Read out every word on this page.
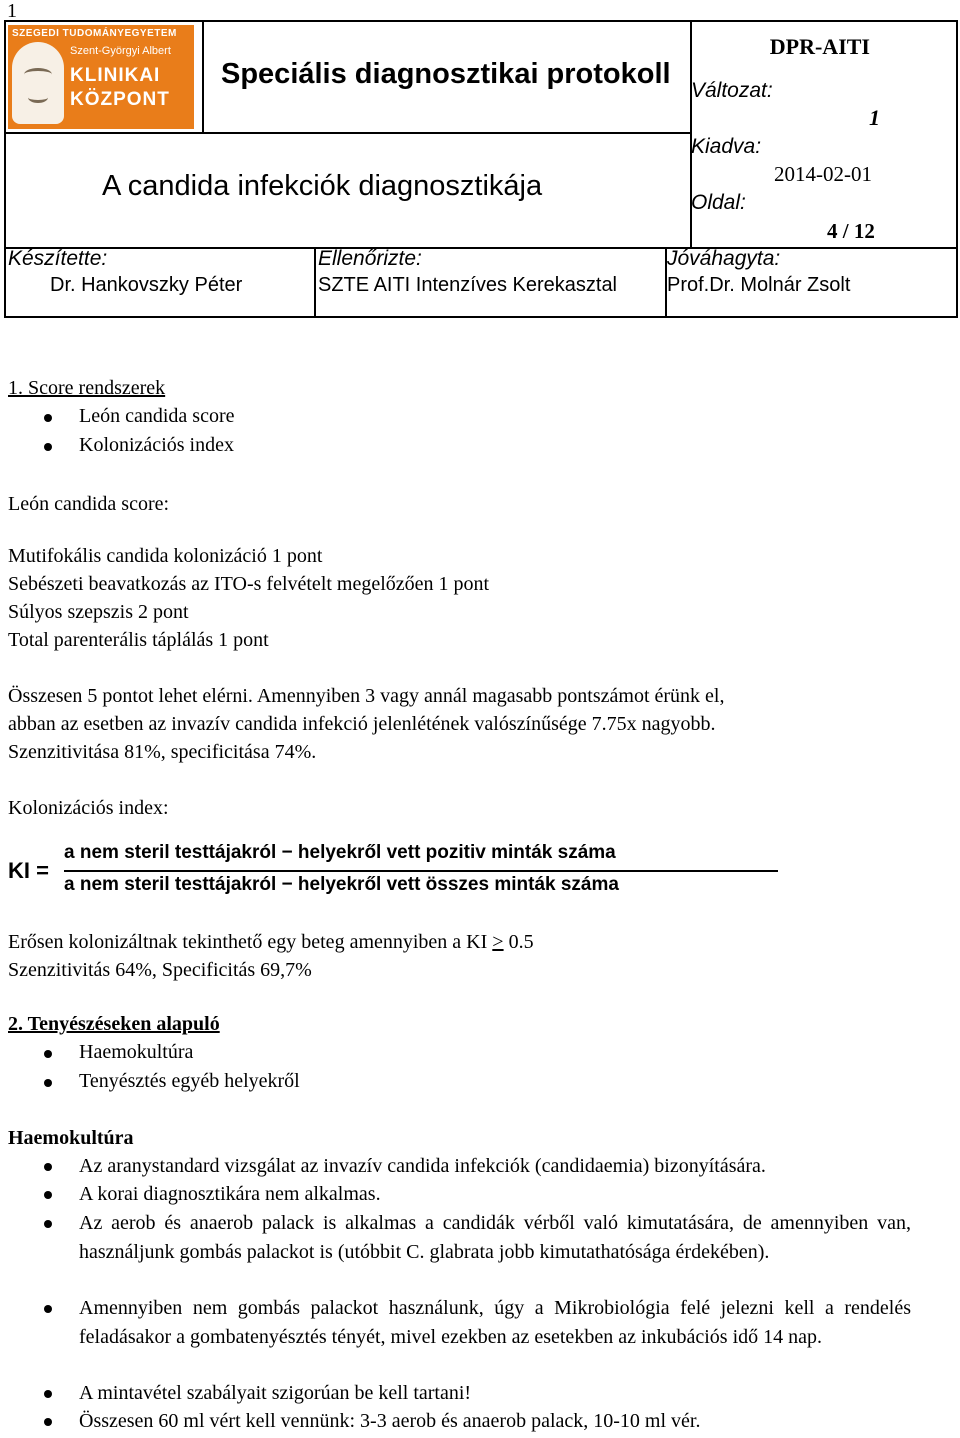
1
SZEGEDI TUDOMÁNYEGYETEM
Szent-Györgyi Albert
KLINIKAI
KÖZPONT
Speciális diagnosztikai protokoll
A candida infekciók diagnosztikája
DPR-AITI
Változat:
1
Kiadva:
2014-02-01
Oldal:
4 / 12
Készítette:
Dr. Hankovszky Péter
Ellenőrizte:
SZTE AITI Intenzíves Kerekasztal
Jóváhagyta:
Prof.Dr. Molnár Zsolt
1. Score rendszerek
León candida score
Kolonizációs index
León candida score:
Mutifokális candida kolonizáció 1 pont
Sebészeti beavatkozás az ITO-s felvételt megelőzően 1 pont
Súlyos szepszis 2 pont
Total parenterális táplálás 1 pont
Összesen 5 pontot lehet elérni. Amennyiben 3 vagy annál magasabb pontszámot érünk el,
abban az esetben az invazív candida infekció jelenlétének valószínűsége 7.75x nagyobb.
Szenzitivitása 81%, specificitása 74%.
Kolonizációs index:
KI =
a nem steril testtájakról − helyekről vett pozitiv minták száma
a nem steril testtájakról − helyekről vett összes minták száma
Erősen kolonizáltnak tekinthető egy beteg amennyiben a KI > 0.5
Szenzitivitás 64%, Specificitás 69,7%
2. Tenyészéseken alapuló
Haemokultúra
Tenyésztés egyéb helyekről
Haemokultúra
Az aranystandard vizsgálat az invazív candida infekciók (candidaemia) bizonyítására.
A korai diagnosztikára nem alkalmas.
Az aerob és anaerob palack is alkalmas a candidák vérből való kimutatására, de amennyiben van, használjunk gombás palackot is (utóbbit C. glabrata jobb kimutathatósága érdekében).
Amennyiben nem gombás palackot használunk, úgy a Mikrobiológia felé jelezni kell a rendelés feladásakor a gombatenyésztés tényét, mivel ezekben az esetekben az inkubációs idő 14 nap.
A mintavétel szabályait szigorúan be kell tartani!
Összesen 60 ml vért kell vennünk: 3-3 aerob és anaerob palack, 10-10 ml vér.
